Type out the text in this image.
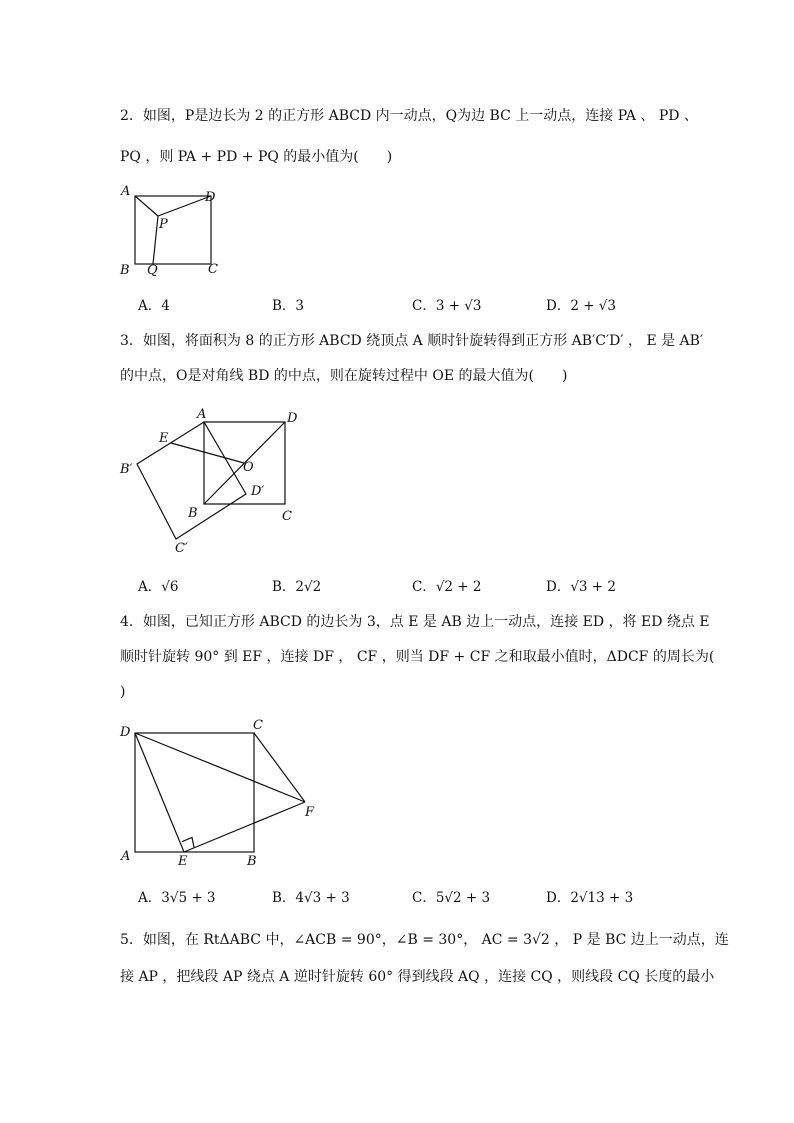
2．如图，P是边长为 2 的正方形 ABCD 内一动点，Q为边 BC 上一动点，连接 PA 、 PD 、
PQ ，则 PA + PD + PQ 的最小值为(　　)
A	D
P
B Q	C
A．4	B．3	C．3 + √3	D．2 + √3
3．如图，将面积为 8 的正方形 ABCD 绕顶点 A 顺时针旋转得到正方形 AB′C′D′ ， E 是 AB′
的中点，O是对角线 BD 的中点，则在旋转过程中 OE 的最大值为(　　)
A	D
E
B′	O
D′
B	C
C′
A．√6	B．2√2	C．√2 + 2	D．√3 + 2
4．如图，已知正方形 ABCD 的边长为 3，点 E 是 AB 边上一动点，连接 ED ，将 ED 绕点 E
顺时针旋转 90° 到 EF ，连接 DF ， CF ，则当 DF + CF 之和取最小值时，ΔDCF 的周长为(
)
D	C
F
A	E	B
A．3√5 + 3	B．4√3 + 3	C．5√2 + 3	D．2√13 + 3
5．如图，在 RtΔABC 中，∠ACB = 90°，∠B = 30°， AC = 3√2 ， P 是 BC 边上一动点，连
接 AP ，把线段 AP 绕点 A 逆时针旋转 60° 得到线段 AQ ，连接 CQ ，则线段 CQ 长度的最小
